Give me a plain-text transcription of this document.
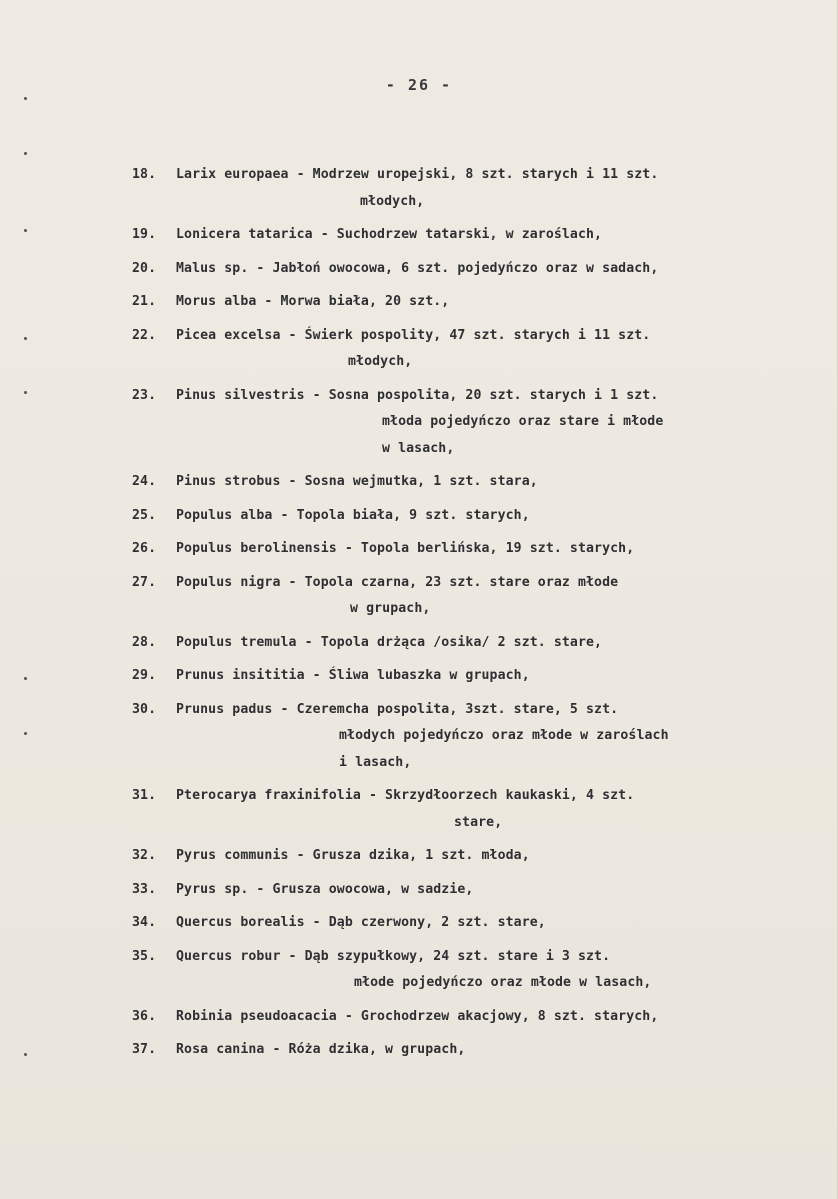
- 26 -
18. Larix europaea - Modrzew uropejski, 8 szt. starych i 11 szt.
młodych,
19. Lonicera tatarica - Suchodrzew tatarski, w zaroślach,
20. Malus sp. - Jabłoń owocowa, 6 szt. pojedyńczo oraz w sadach,
21. Morus alba - Morwa biała, 20 szt.,
22. Picea excelsa - Świerk pospolity, 47 szt. starych i 11 szt.
młodych,
23. Pinus silvestris - Sosna pospolita, 20 szt. starych i 1 szt.
młoda pojedyńczo oraz stare i młode
w lasach,
24. Pinus strobus - Sosna wejmutka, 1 szt. stara,
25. Populus alba - Topola biała, 9 szt. starych,
26. Populus berolinensis - Topola berlińska, 19 szt. starych,
27. Populus nigra - Topola czarna, 23 szt. stare oraz młode
w grupach,
28. Populus tremula - Topola drżąca /osika/ 2 szt. stare,
29. Prunus insititia - Śliwa lubaszka w grupach,
30. Prunus padus - Czeremcha pospolita, 3szt. stare, 5 szt.
młodych pojedyńczo oraz młode w zaroślach
i lasach,
31. Pterocarya fraxinifolia - Skrzydłoorzech kaukaski, 4 szt.
stare,
32. Pyrus communis - Grusza dzika, 1 szt. młoda,
33. Pyrus sp. - Grusza owocowa, w sadzie,
34. Quercus borealis - Dąb czerwony, 2 szt. stare,
35. Quercus robur - Dąb szypułkowy, 24 szt. stare i 3 szt.
młode pojedyńczo oraz młode w lasach,
36. Robinia pseudoacacia - Grochodrzew akacjowy, 8 szt. starych,
37. Rosa canina - Róża dzika, w grupach,
